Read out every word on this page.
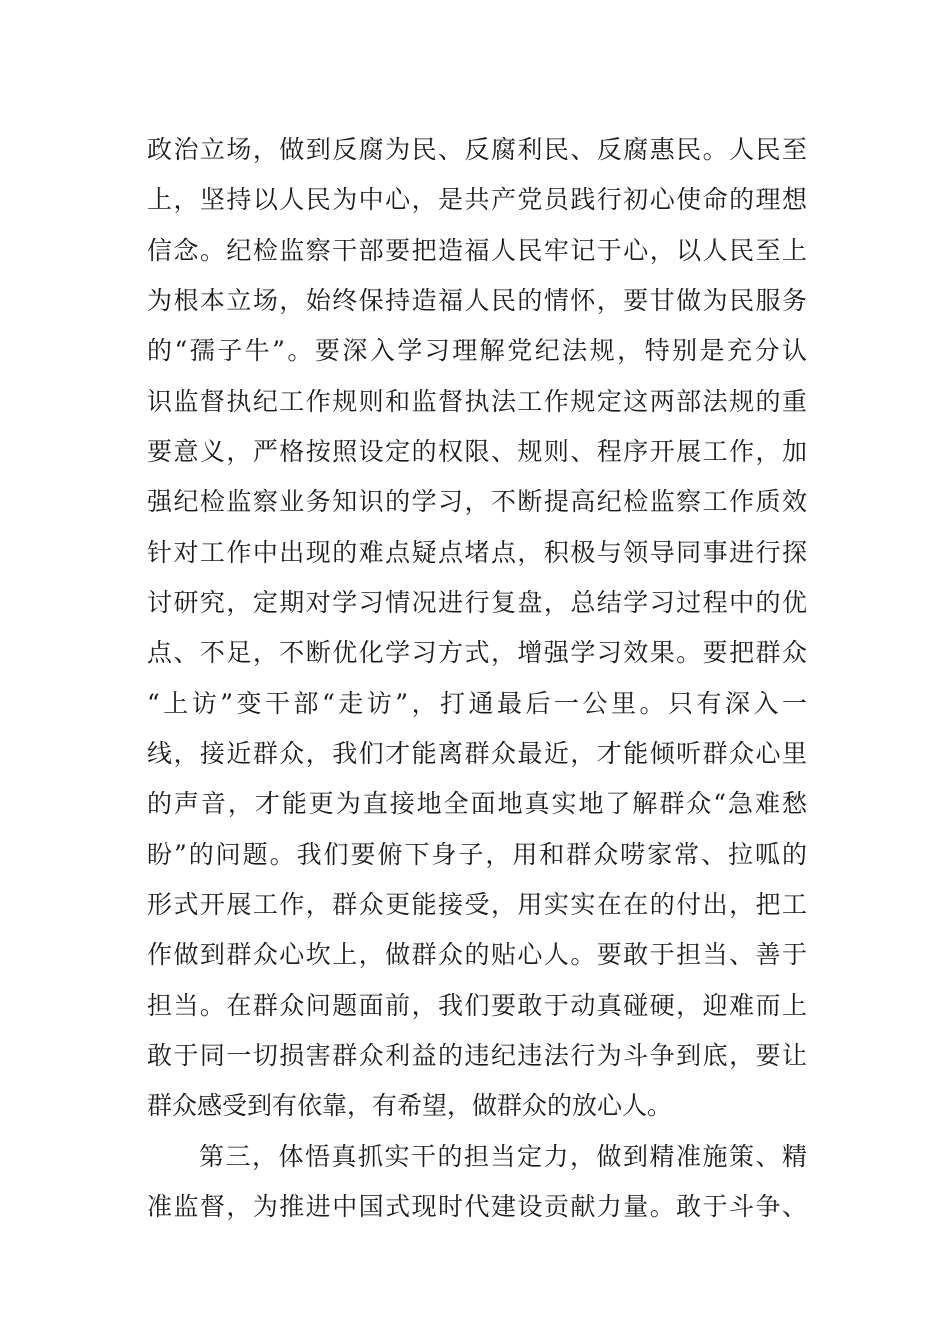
政治立场，做到反腐为民、反腐利民、反腐惠民。人民至
上，坚持以人民为中心，是共产党员践行初心使命的理想
信念。纪检监察干部要把造福人民牢记于心，以人民至上
为根本立场，始终保持造福人民的情怀，要甘做为民服务
的“孺子牛”。要深入学习理解党纪法规，特别是充分认
识监督执纪工作规则和监督执法工作规定这两部法规的重
要意义，严格按照设定的权限、规则、程序开展工作，加
强纪检监察业务知识的学习，不断提高纪检监察工作质效
针对工作中出现的难点疑点堵点，积极与领导同事进行探
讨研究，定期对学习情况进行复盘，总结学习过程中的优
点、不足，不断优化学习方式，增强学习效果。要把群众
“上访”变干部“走访”，打通最后一公里。只有深入一
线，接近群众，我们才能离群众最近，才能倾听群众心里
的声音，才能更为直接地全面地真实地了解群众“急难愁
盼”的问题。我们要俯下身子，用和群众唠家常、拉呱的
形式开展工作，群众更能接受，用实实在在的付出，把工
作做到群众心坎上，做群众的贴心人。要敢于担当、善于
担当。在群众问题面前，我们要敢于动真碰硬，迎难而上
敢于同一切损害群众利益的违纪违法行为斗争到底，要让
群众感受到有依靠，有希望，做群众的放心人。
第三，体悟真抓实干的担当定力，做到精准施策、精
准监督，为推进中国式现时代建设贡献力量。敢于斗争、
